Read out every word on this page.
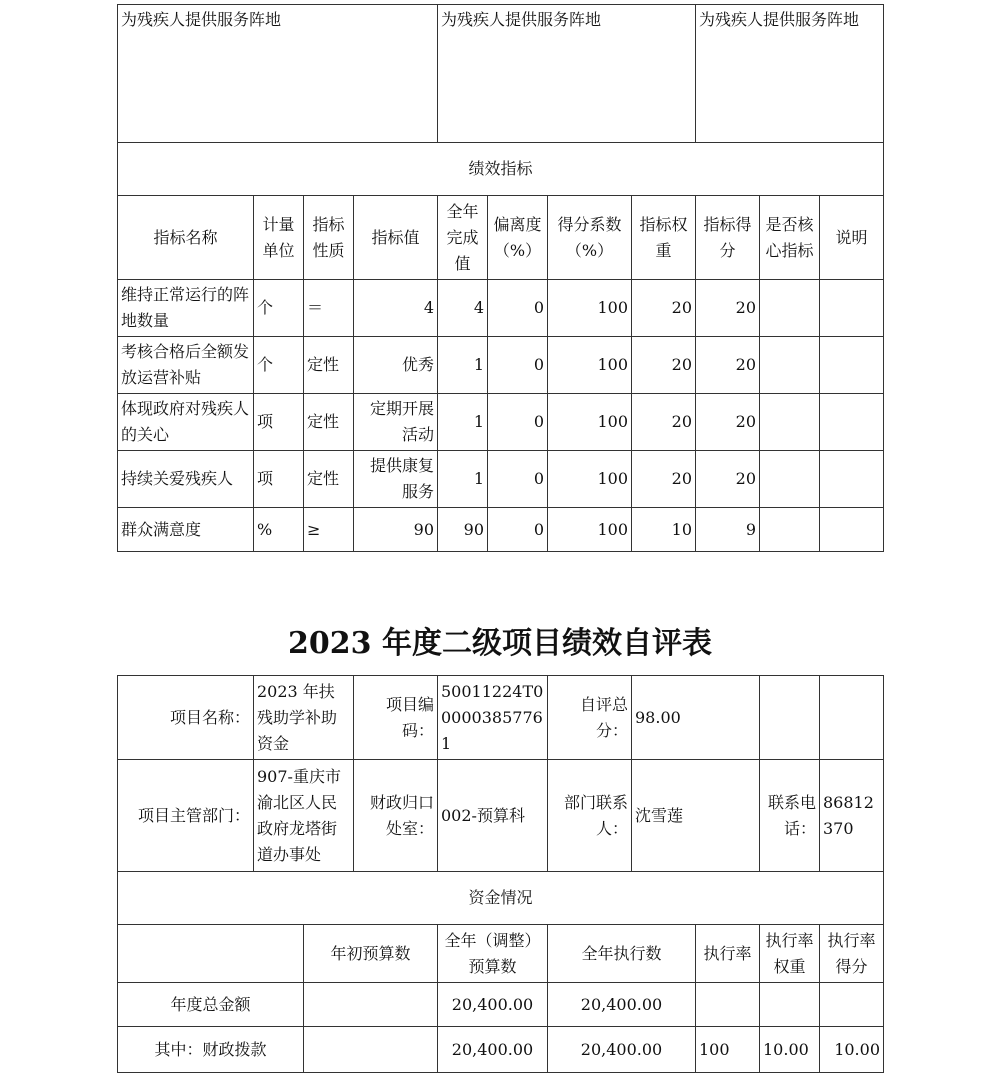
为残疾人提供服务阵地				为残疾人提供服务阵地				为残疾人提供服务阵地		
绩效指标										
指标名称	计量单位	指标性质	指标值	全年完成值	偏离度（%）	得分系数（%）	指标权重	指标得分	是否核心指标	说明
维持正常运行的阵地数量	个	＝	4	4	0	100	20	20		
考核合格后全额发放运营补贴	个	定性	优秀	1	0	100	20	20		
体现政府对残疾人的关心	项	定性	定期开展活动	1	0	100	20	20		
持续关爱残疾人	项	定性	提供康复服务	1	0	100	20	20		
群众满意度	%	≥	90	90	0	100	10	9		
2023 年度二级项目绩效自评表
项目名称：	2023 年扶残助学补助资金		项目编码：	50011224T000003857761	自评总分：	98.00			
项目主管部门：	907-重庆市渝北区人民政府龙塔街道办事处		财政归口处室：	002-预算科	部门联系人：	沈雪莲		联系电话：	86812370
资金情况									
		年初预算数		全年（调整）预算数	全年执行数		执行率	执行率权重	执行率得分
年度总金额				20,400.00	20,400.00				
其中：财政拨款				20,400.00	20,400.00		100	10.00	10.00
